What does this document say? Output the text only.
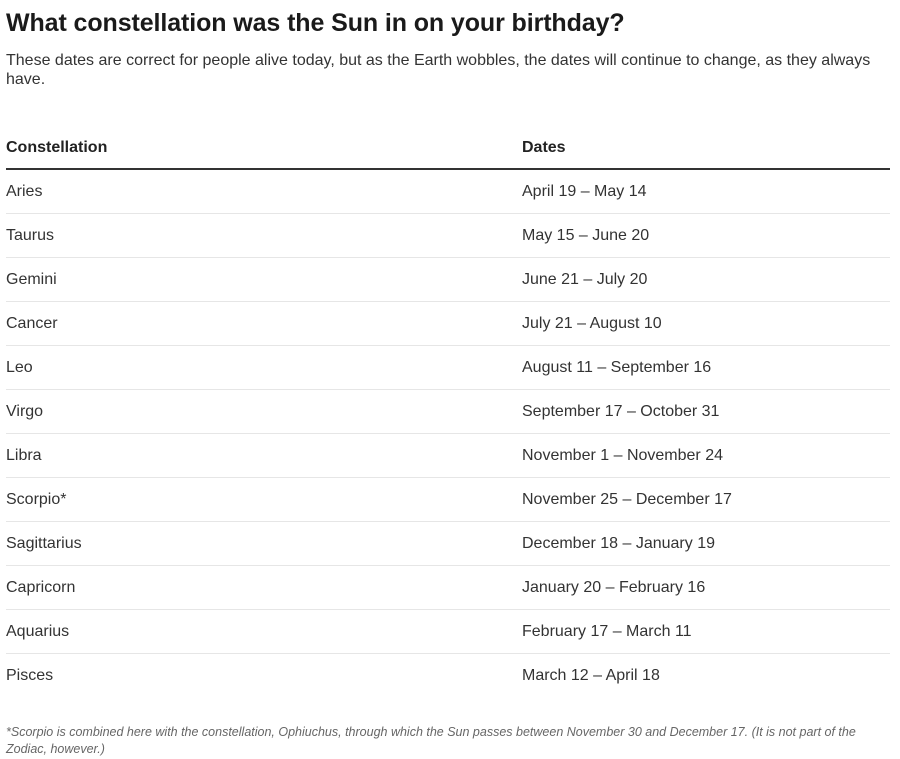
What constellation was the Sun in on your birthday?

These dates are correct for people alive today, but as the Earth wobbles, the dates will continue to change, as they always have.

Constellation	Dates
Aries	April 19 – May 14
Taurus	May 15 – June 20
Gemini	June 21 – July 20
Cancer	July 21 – August 10
Leo	August 11 – September 16
Virgo	September 17 – October 31
Libra	November 1 – November 24
Scorpio*	November 25 – December 17
Sagittarius	December 18 – January 19
Capricorn	January 20 – February 16
Aquarius	February 17 – March 11
Pisces	March 12 – April 18

*Scorpio is combined here with the constellation, Ophiuchus, through which the Sun passes between November 30 and December 17. (It is not part of the Zodiac, however.)
